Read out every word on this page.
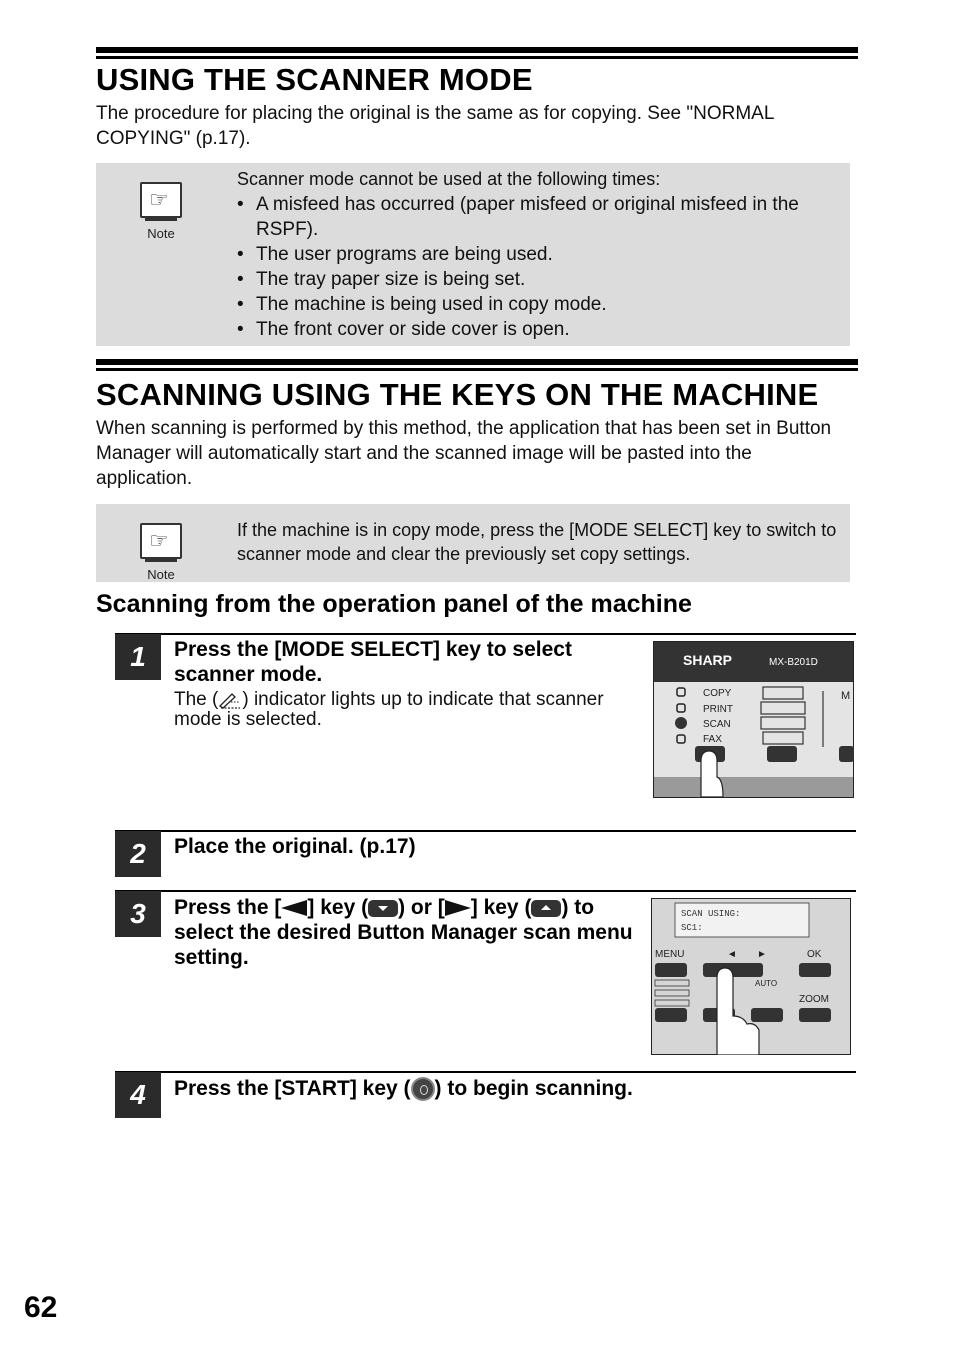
USING THE SCANNER MODE
The procedure for placing the original is the same as for copying. See "NORMAL COPYING" (p.17).
☞
Note
Scanner mode cannot be used at the following times:
• A misfeed has occurred (paper misfeed or original misfeed in the RSPF).
• The user programs are being used.
• The tray paper size is being set.
• The machine is being used in copy mode.
• The front cover or side cover is open.
SCANNING USING THE KEYS ON THE MACHINE
When scanning is performed by this method, the application that has been set in Button Manager will automatically start and the scanned image will be pasted into the application.
☞
Note
If the machine is in copy mode, press the [MODE SELECT] key to switch to scanner mode and clear the previously set copy settings.
Scanning from the operation panel of the machine
1	Press the [MODE SELECT] key to select scanner mode.
The ( ) indicator lights up to indicate that scanner mode is selected.
SHARP	MX-B201D
COPY
PRINT
SCAN
FAX
M
2	Place the original. (p.17)
3	Press the [ ] key ( ) or [ ] key ( ) to
select the desired Button Manager scan menu setting.
SCAN USING:
SC1:
MENU	◄ ►	OK
AUTO
ZOOM
4	Press the [START] key ( ) to begin scanning.
62
